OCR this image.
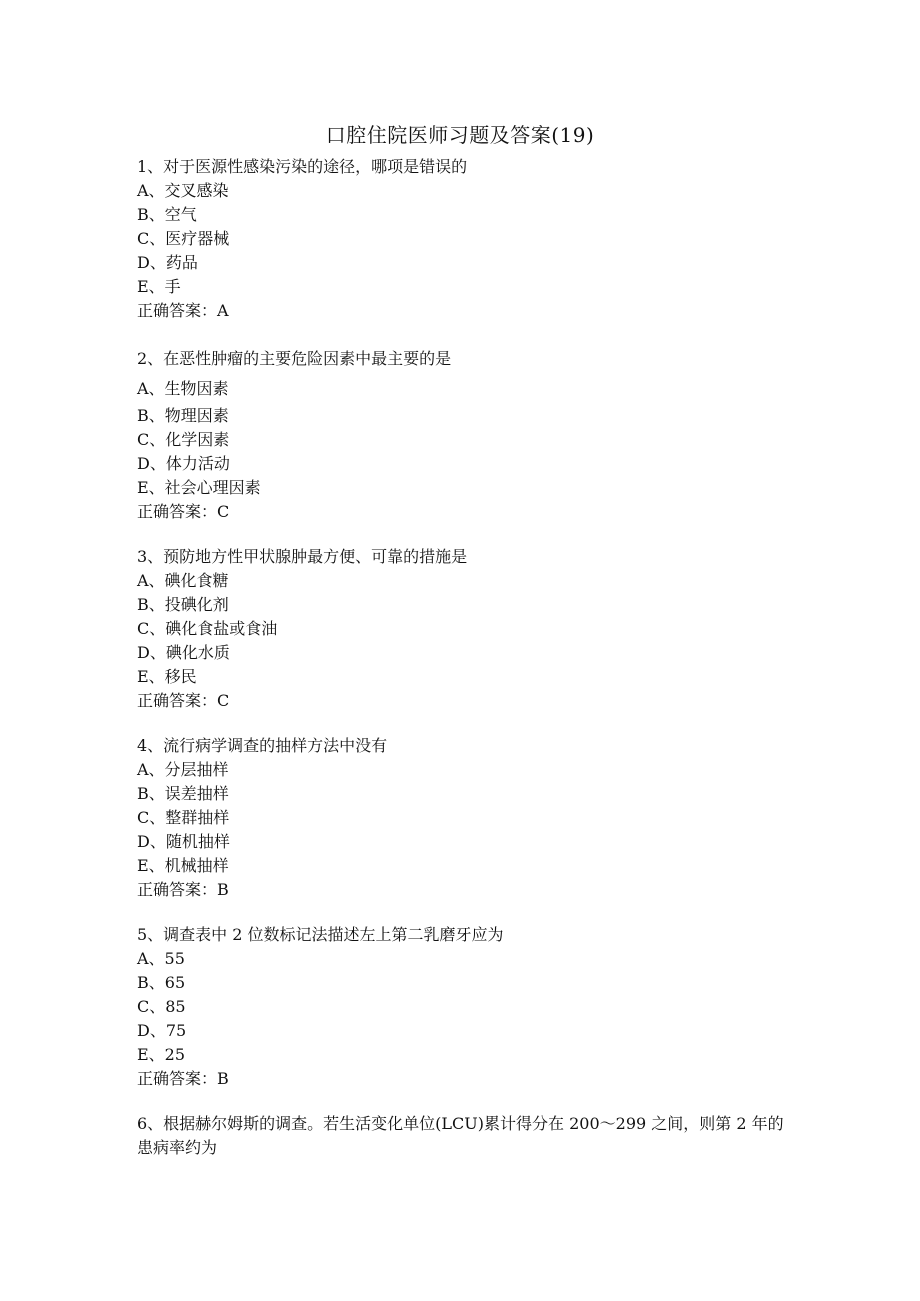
口腔住院医师习题及答案(19)
1、对于医源性感染污染的途径，哪项是错误的
A、交叉感染
B、空气
C、医疗器械
D、药品
E、手
正确答案：A
2、在恶性肿瘤的主要危险因素中最主要的是
A、生物因素
B、物理因素
C、化学因素
D、体力活动
E、社会心理因素
正确答案：C
3、预防地方性甲状腺肿最方便、可靠的措施是
A、碘化食糖
B、投碘化剂
C、碘化食盐或食油
D、碘化水质
E、移民
正确答案：C
4、流行病学调查的抽样方法中没有
A、分层抽样
B、误差抽样
C、整群抽样
D、随机抽样
E、机械抽样
正确答案：B
5、调查表中 2 位数标记法描述左上第二乳磨牙应为
A、55
B、65
C、85
D、75
E、25
正确答案：B
6、根据赫尔姆斯的调查。若生活变化单位(LCU)累计得分在 200～299 之间，则第 2 年的患病率约为
